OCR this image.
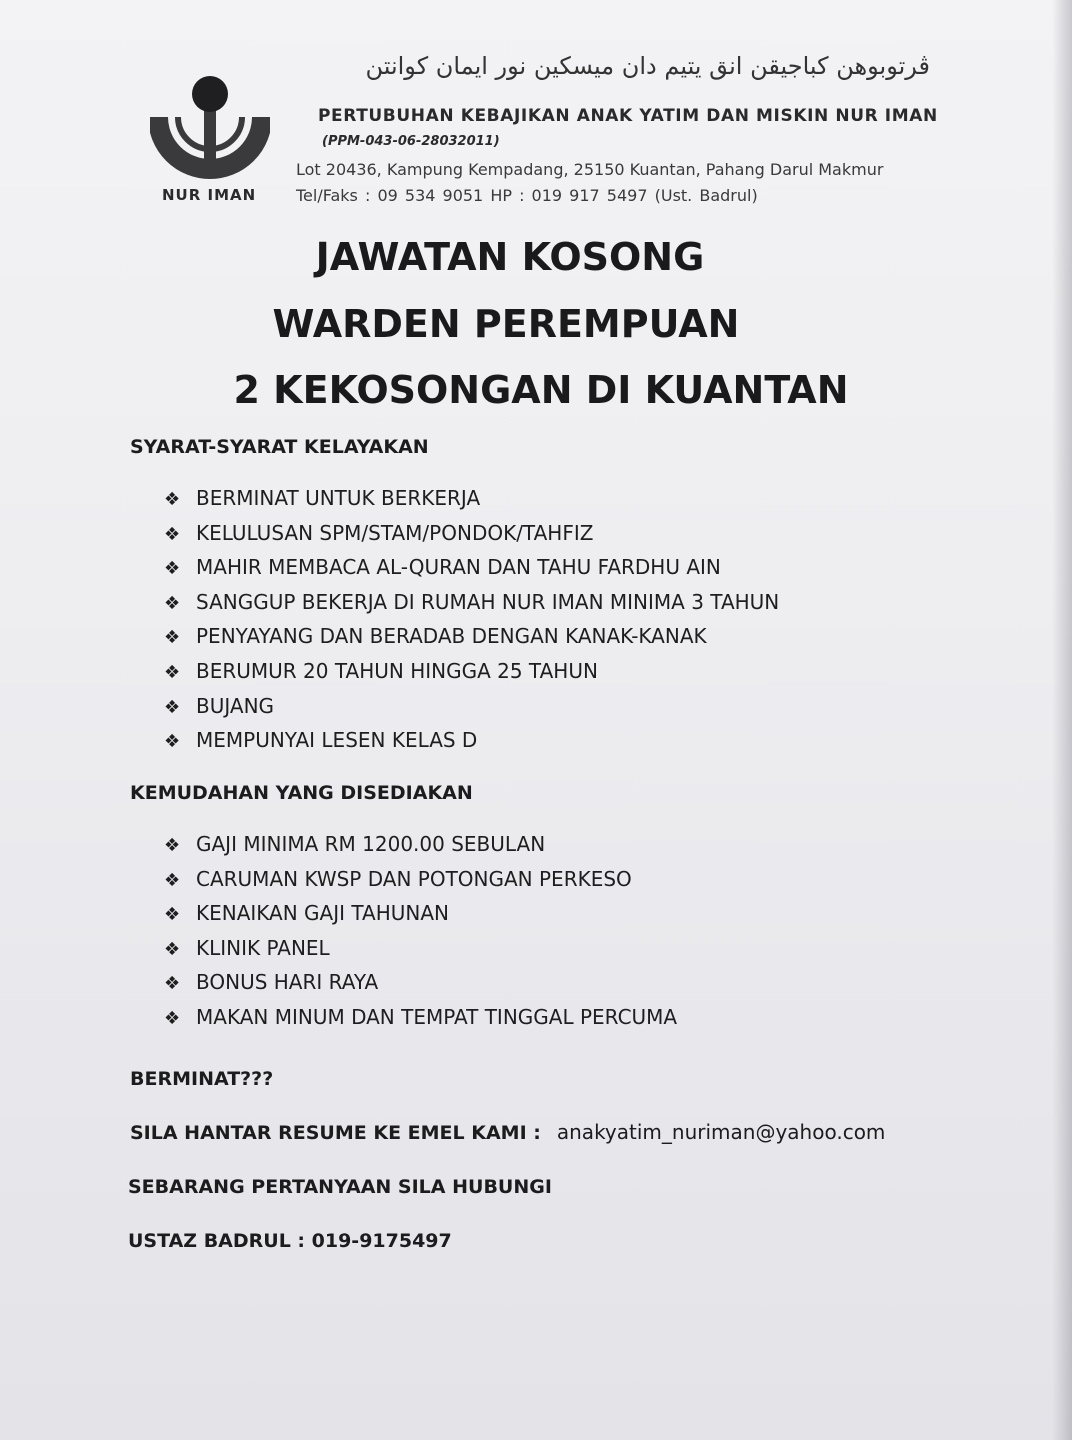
NUR IMAN
ڤرتوبوهن كباجيقن انق يتيم دان ميسكين نور ايمان كوانتن
PERTUBUHAN KEBAJIKAN ANAK YATIM DAN MISKIN NUR IMAN
(PPM-043-06-28032011)
Lot 20436, Kampung Kempadang, 25150 Kuantan, Pahang Darul Makmur
Tel/Faks : 09 534 9051 HP : 019 917 5497 (Ust. Badrul)
JAWATAN KOSONG
WARDEN PEREMPUAN
2 KEKOSONGAN DI KUANTAN
SYARAT-SYARAT KELAYAKAN
❖ BERMINAT UNTUK BERKERJA
❖ KELULUSAN SPM/STAM/PONDOK/TAHFIZ
❖ MAHIR MEMBACA AL-QURAN DAN TAHU FARDHU AIN
❖ SANGGUP BEKERJA DI RUMAH NUR IMAN MINIMA 3 TAHUN
❖ PENYAYANG DAN BERADAB DENGAN KANAK-KANAK
❖ BERUMUR 20 TAHUN HINGGA 25 TAHUN
❖ BUJANG
❖ MEMPUNYAI LESEN KELAS D
KEMUDAHAN YANG DISEDIAKAN
❖ GAJI MINIMA RM 1200.00 SEBULAN
❖ CARUMAN KWSP DAN POTONGAN PERKESO
❖ KENAIKAN GAJI TAHUNAN
❖ KLINIK PANEL
❖ BONUS HARI RAYA
❖ MAKAN MINUM DAN TEMPAT TINGGAL PERCUMA
BERMINAT???
SILA HANTAR RESUME KE EMEL KAMI : anakyatim_nuriman@yahoo.com
SEBARANG PERTANYAAN SILA HUBUNGI
USTAZ BADRUL : 019-9175497
